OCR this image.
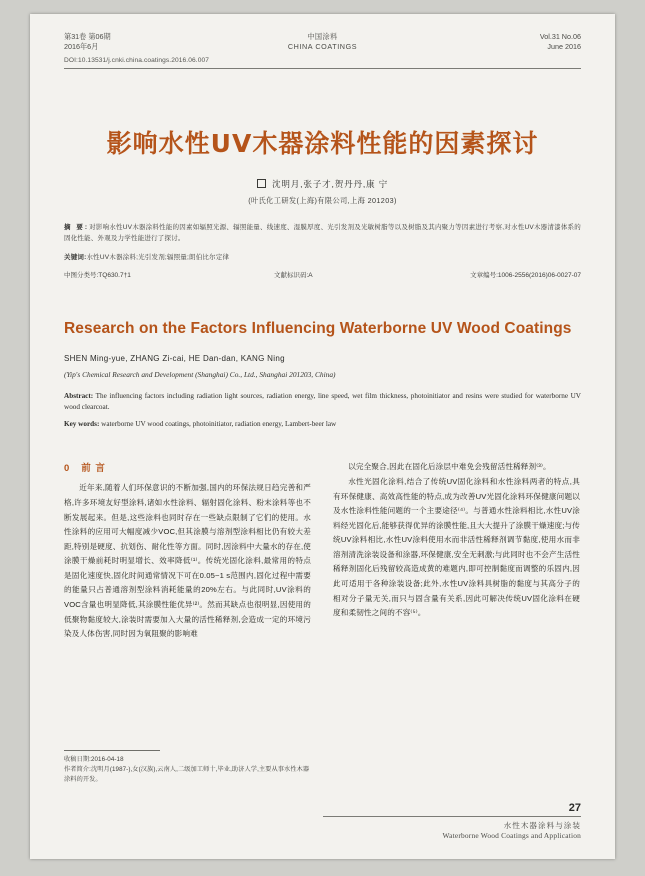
第31卷 第06期
2016年6月
中国涂料
CHINA COATINGS
Vol.31 No.06
June 2016
DOI:10.13531/j.cnki.china.coatings.2016.06.007
影响水性UV木器涂料性能的因素探讨
沈明月,张子才,贺丹丹,康 宁
(叶氏化工研发(上海)有限公司,上海 201203)
摘 要:对影响水性UV木器涂料性能的因素如辐照光源、辐照能量、线速度、湿膜厚度、光引发剂及光敏树脂等以及树脂及其内聚力等因素进行考察,对水性UV木器清漆体系的固化性能、外观及力学性能进行了探讨。
关键词:水性UV木器涂料;光引发剂;辐照量;朗伯比尔定律
中图分类号:TQ630.7†1	文献标识码:A	文章编号:1006-2556(2016)06-0027-07
Research on the Factors Influencing Waterborne UV Wood Coatings
SHEN Ming-yue, ZHANG Zi-cai, HE Dan-dan, KANG Ning
(Yip's Chemical Research and Development (Shanghai) Co., Ltd., Shanghai 201203, China)
Abstract: The influencing factors including radiation light sources, radiation energy, line speed, wet film thickness, photoinitiator and resins were studied for waterborne UV wood clearcoat.
Key words: waterborne UV wood coatings, photoinitiator, radiation energy, Lambert-beer law
0 前 言
近年来,随着人们环保意识的不断加强,国内的环保法规日趋完善和严格,许多环境友好型涂料,诸如水性涂料、辐射固化涂料、粉末涂料等也不断发展起来。但是,这些涂料也同时存在一些缺点限制了它们的使用。水性涂料的应用可大幅度减少VOC,但其涂膜与溶剂型涂料相比仍有较大差距,特别是硬度、抗划伤、耐化性等方面。同时,因涂料中大量水的存在,使涂膜干燥前耗时明显增长、效率降低⁽¹⁾。传统光固化涂料,最常用的特点是固化速度快,固化时间通常情况下可在0.05~1 s范围内,固化过程中需要的能量只占普通溶剂型涂料消耗能量的20%左右。与此同时,UV涂料的VOC含量也明显降低,其涂膜性能优异⁽²⁾。然而其缺点也很明显,因使用的低聚物黏度较大,涂装时需要加入大量的活性稀释剂,会造成一定的环境污染及人体伤害,同时因为氧阻聚的影响难
以完全聚合,因此在固化后涂层中难免会残留活性稀释剂⁽³⁾。
水性光固化涂料,结合了传统UV固化涂料和水性涂料两者的特点,具有环保健康、高效高性能的特点,成为改善UV光固化涂料环保健康问题以及水性涂料性能问题的一个主要途径⁽⁴⁾。与普通水性涂料相比,水性UV涂料经光固化后,能够获得优异的涂膜性能,且大大提升了涂膜干燥速度;与传统UV涂料相比,水性UV涂料使用水而非活性稀释剂调节黏度,使用水而非溶剂清洗涂装设备和涂器,环保健康,安全无刺激;与此同时也不会产生活性稀释剂固化后残留较高造成黄的难题内,即可控制黏度而调整的乐固内,因此可适用于各种涂装设备;此外,水性UV涂料具树脂的黏度与其高分子的相对分子量无关,而只与固含量有关系,因此可解决传统UV固化涂料在硬度和柔韧性之间的不容⁽⁵⁾。
收稿日期:2016-04-18
作者简介:沈明月(1987-),女(汉族),云南人,二级加工师十,毕业,助济人学,主要从事水性木器涂料的开发。
27
水性木器涂料与涂装
Waterborne Wood Coatings and Application
